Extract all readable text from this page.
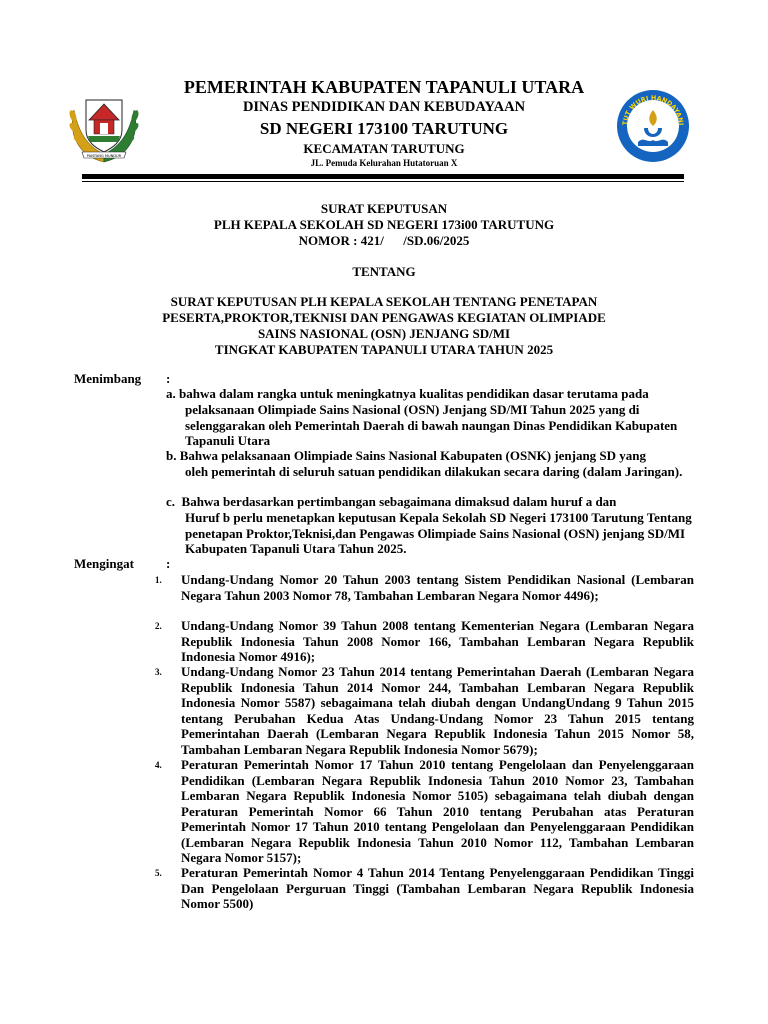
PANTANG MUNDUR
TUT WURI HANDAYANI
PEMERINTAH KABUPATEN TAPANULI UTARA
DINAS PENDIDIKAN DAN KEBUDAYAAN
SD NEGERI 173100 TARUTUNG
KECAMATAN TARUTUNG
JL. Pemuda Kelurahan Hutatoruan X
SURAT KEPUTUSAN
PLH KEPALA SEKOLAH SD NEGERI 173i00 TARUTUNG
NOMOR : 421/      /SD.06/2025
TENTANG
SURAT KEPUTUSAN PLH KEPALA SEKOLAH TENTANG PENETAPAN
PESERTA,PROKTOR,TEKNISI DAN PENGAWAS KEGIATAN OLIMPIADE
SAINS NASIONAL (OSN) JENJANG SD/MI
TINGKAT KABUPATEN TAPANULI UTARA TAHUN 2025
Menimbang :
a. bahwa dalam rangka untuk meningkatnya kualitas pendidikan dasar terutama pada
pelaksanaan Olimpiade Sains Nasional (OSN) Jenjang SD/MI Tahun 2025 yang di selenggarakan oleh Pemerintah Daerah di bawah naungan Dinas Pendidikan Kabupaten Tapanuli Utara
b. Bahwa pelaksanaan Olimpiade Sains Nasional Kabupaten (OSNK) jenjang SD yang
oleh pemerintah di seluruh satuan pendidikan dilakukan secara daring (dalam Jaringan).
c.  Bahwa berdasarkan pertimbangan sebagaimana dimaksud dalam huruf a dan
Huruf b perlu menetapkan keputusan Kepala Sekolah SD Negeri 173100 Tarutung Tentang penetapan Proktor,Teknisi,dan Pengawas Olimpiade Sains Nasional (OSN) jenjang SD/MI Kabupaten Tapanuli Utara Tahun 2025.
Mengingat :
1. Undang-Undang Nomor 20 Tahun 2003 tentang Sistem Pendidikan Nasional (Lembaran Negara Tahun 2003 Nomor 78, Tambahan Lembaran Negara Nomor 4496);
2. Undang-Undang Nomor 39 Tahun 2008 tentang Kementerian Negara (Lembaran Negara Republik Indonesia Tahun 2008 Nomor 166, Tambahan Lembaran Negara Republik Indonesia Nomor 4916);
3. Undang-Undang Nomor 23 Tahun 2014 tentang Pemerintahan Daerah (Lembaran Negara Republik Indonesia Tahun 2014 Nomor 244, Tambahan Lembaran Negara Republik Indonesia Nomor 5587) sebagaimana telah diubah dengan UndangUndang 9 Tahun 2015 tentang Perubahan Kedua Atas Undang-Undang Nomor 23 Tahun 2015 tentang Pemerintahan Daerah (Lembaran Negara Republik Indonesia Tahun 2015 Nomor 58, Tambahan Lembaran Negara Republik Indonesia Nomor 5679);
4. Peraturan Pemerintah Nomor 17 Tahun 2010 tentang Pengelolaan dan Penyelenggaraan Pendidikan (Lembaran Negara Republik Indonesia Tahun 2010 Nomor 23, Tambahan Lembaran Negara Republik Indonesia Nomor 5105) sebagaimana telah diubah dengan Peraturan Pemerintah Nomor 66 Tahun 2010 tentang Perubahan atas Peraturan Pemerintah Nomor 17 Tahun 2010 tentang Pengelolaan dan Penyelenggaraan Pendidikan (Lembaran Negara Republik Indonesia Tahun 2010 Nomor 112, Tambahan Lembaran Negara Nomor 5157);
5. Peraturan Pemerintah Nomor 4 Tahun 2014 Tentang Penyelenggaraan Pendidikan Tinggi Dan Pengelolaan Perguruan Tinggi (Tambahan Lembaran Negara Republik Indonesia Nomor 5500)
